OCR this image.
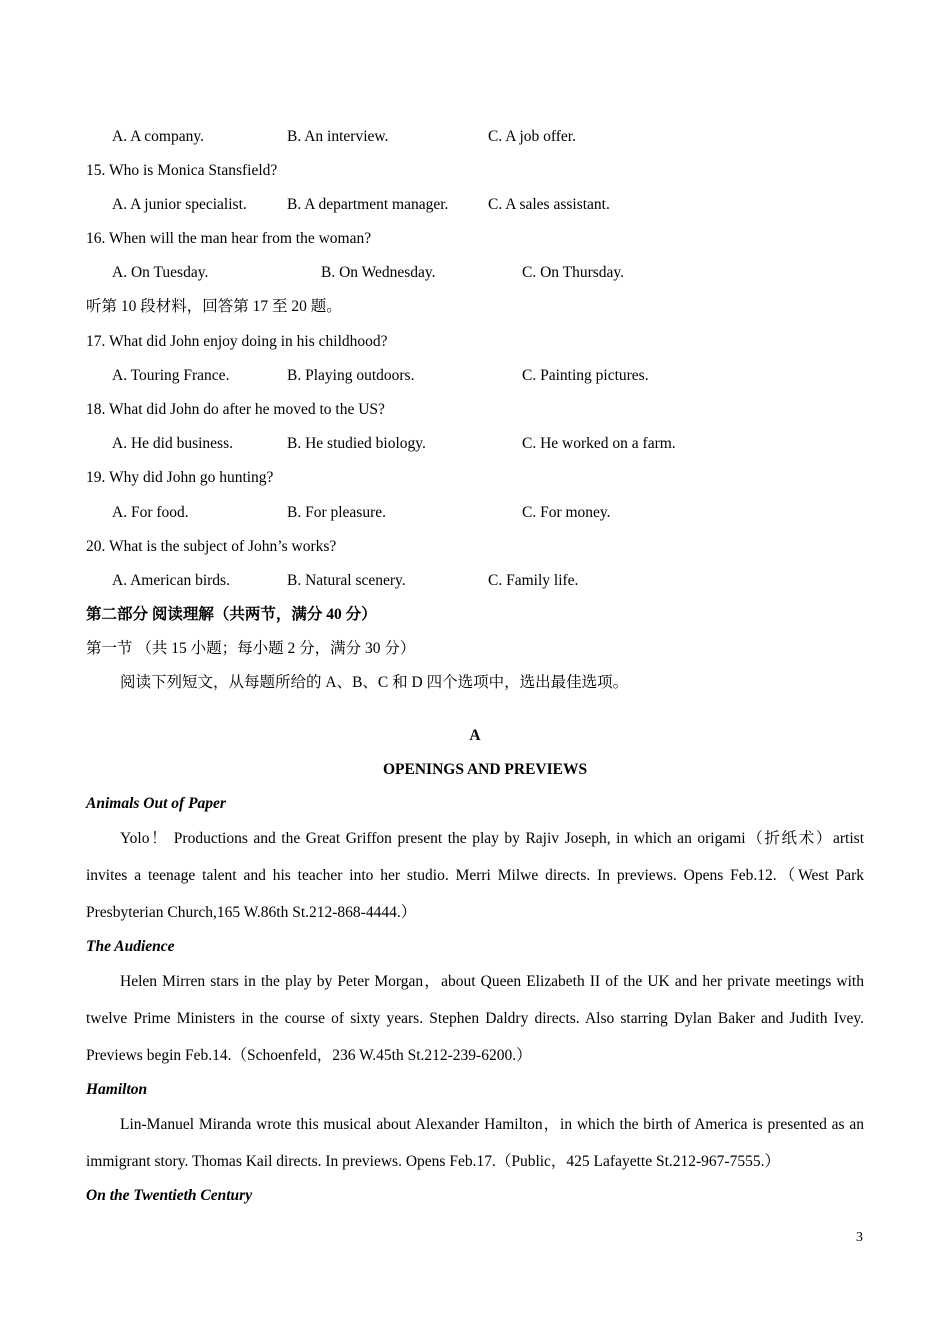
A. A company.	B. An interview.	C. A job offer.
15. Who is Monica Stansfield?
A. A junior specialist.	B. A department manager.	C. A sales assistant.
16. When will the man hear from the woman?
A. On Tuesday.	B. On Wednesday.	C. On Thursday.
听第 10 段材料，回答第 17 至 20 题。
17. What did John enjoy doing in his childhood?
A. Touring France.	B. Playing outdoors.	C. Painting pictures.
18. What did John do after he moved to the US?
A. He did business.	B. He studied biology.	C. He worked on a farm.
19. Why did John go hunting?
A. For food.	B. For pleasure.	C. For money.
20. What is the subject of John’s works?
A. American birds.	B. Natural scenery.	C. Family life.
第二部分 阅读理解（共两节，满分 40 分）
第一节 （共 15 小题；每小题 2 分，满分 30 分）
阅读下列短文，从每题所给的 A、B、C 和 D 四个选项中，选出最佳选项。
A
OPENINGS AND PREVIEWS
Animals Out of Paper
Yolo！ Productions and the Great Griffon present the play by Rajiv Joseph, in which an origami（折纸术）artist invites a teenage talent and his teacher into her studio. Merri Milwe directs. In previews. Opens Feb.12.（West Park Presbyterian Church,165 W.86th St.212-868-4444.）
The Audience
Helen Mirren stars in the play by Peter Morgan，about Queen Elizabeth II of the UK and her private meetings with twelve Prime Ministers in the course of sixty years. Stephen Daldry directs. Also starring Dylan Baker and Judith Ivey. Previews begin Feb.14.（Schoenfeld，236 W.45th St.212-239-6200.）
Hamilton
Lin-Manuel Miranda wrote this musical about Alexander Hamilton，in which the birth of America is presented as an immigrant story. Thomas Kail directs. In previews. Opens Feb.17.（Public，425 Lafayette St.212-967-7555.）
On the Twentieth Century
3
